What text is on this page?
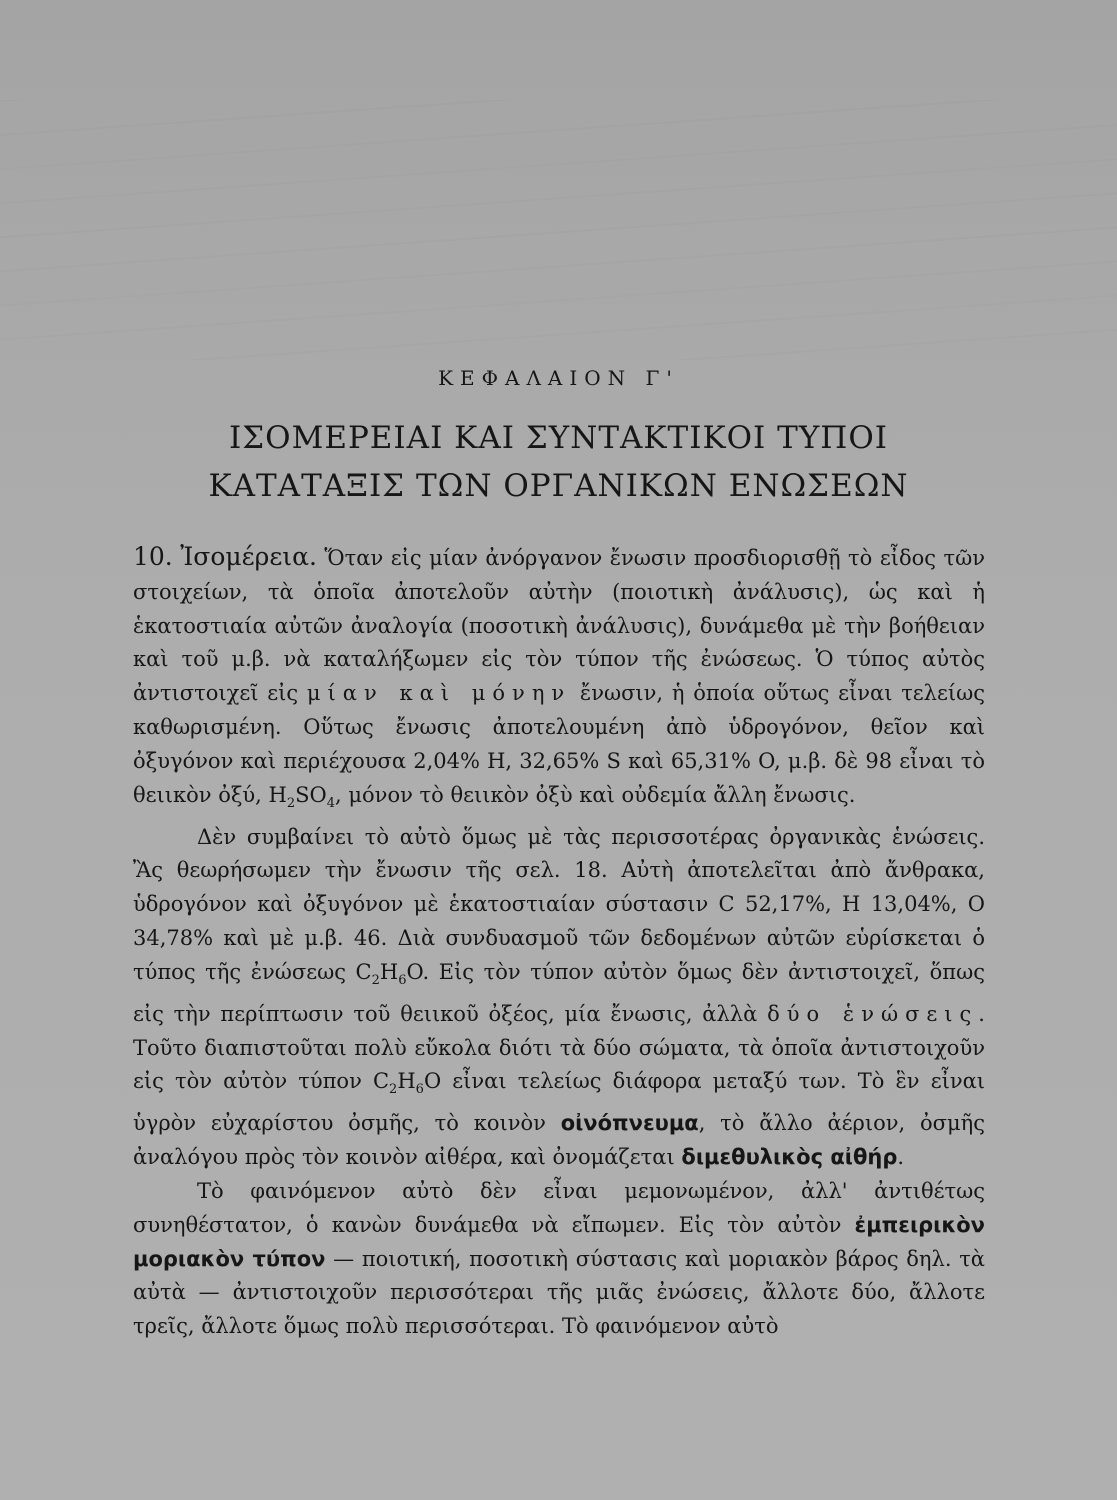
ΚΕΦΑΛΑΙΟΝ Γ'
ΙΣΟΜΕΡΕΙΑΙ ΚΑΙ ΣΥΝΤΑΚΤΙΚΟΙ ΤΥΠΟΙ
ΚΑΤΑΤΑΞΙΣ ΤΩΝ ΟΡΓΑΝΙΚΩΝ ΕΝΩΣΕΩΝ

10. Ἰσομέρεια. Ὅταν εἰς μίαν ἀνόργανον ἔνωσιν προσδιορισθῇ τὸ εἶδος τῶν στοιχείων, τὰ ὁποῖα ἀποτελοῦν αὐτὴν (ποιοτικὴ ἀνάλυσις), ὡς καὶ ἡ ἑκατοστιαία αὐτῶν ἀναλογία (ποσοτικὴ ἀνάλυσις), δυνάμεθα μὲ τὴν βοήθειαν καὶ τοῦ μ.β. νὰ καταλήξωμεν εἰς τὸν τύπον τῆς ἐνώσεως. Ὁ τύπος αὐτὸς ἀντιστοιχεῖ εἰς μίαν καὶ μόνην ἔνωσιν, ἡ ὁποία οὕτως εἶναι τελείως καθωρισμένη. Οὕτως ἔνωσις ἀποτελουμένη ἀπὸ ὑδρογόνον, θεῖον καὶ ὀξυγόνον καὶ περιέχουσα 2,04% H, 32,65% S καὶ 65,31% O, μ.β. δὲ 98 εἶναι τὸ θειικὸν ὀξύ, $H_2SO_4$, μόνον τὸ θειικὸν ὀξὺ καὶ οὐδεμία ἄλλη ἔνωσις.

Δὲν συμβαίνει τὸ αὐτὸ ὅμως μὲ τὰς περισσοτέρας ὀργανικὰς ἑνώσεις. Ἂς θεωρήσωμεν τὴν ἔνωσιν τῆς σελ. 18. Αὐτὴ ἀποτελεῖται ἀπὸ ἄνθρακα, ὑδρογόνον καὶ ὀξυγόνον μὲ ἑκατοστιαίαν σύστασιν C 52,17%, H 13,04%, O 34,78% καὶ μὲ μ.β. 46. Διὰ συνδυασμοῦ τῶν δεδομένων αὐτῶν εὑρίσκεται ὁ τύπος τῆς ἐνώσεως $C_2H_6O$. Εἰς τὸν τύπον αὐτὸν ὅμως δὲν ἀντιστοιχεῖ, ὅπως εἰς τὴν περίπτωσιν τοῦ θειικοῦ ὀξέος, μία ἔνωσις, ἀλλὰ δύο ἑνώσεις. Τοῦτο διαπιστοῦται πολὺ εὔκολα διότι τὰ δύο σώματα, τὰ ὁποῖα ἀντιστοιχοῦν εἰς τὸν αὐτὸν τύπον $C_2H_6O$ εἶναι τελείως διάφορα μεταξύ των. Τὸ ἓν εἶναι ὑγρὸν εὐχαρίστου ὀσμῆς, τὸ κοινὸν οἰνόπνευμα, τὸ ἄλλο ἀέριον, ὀσμῆς ἀναλόγου πρὸς τὸν κοινὸν αἰθέρα, καὶ ὀνομάζεται διμεθυλικὸς αἰθήρ.

Τὸ φαινόμενον αὐτὸ δὲν εἶναι μεμονωμένον, ἀλλ' ἀντιθέτως συνηθέστατον, ὁ κανὼν δυνάμεθα νὰ εἴπωμεν. Εἰς τὸν αὐτὸν ἐμπειρικὸν μοριακὸν τύπον — ποιοτική, ποσοτικὴ σύστασις καὶ μοριακὸν βάρος δηλ. τὰ αὐτὰ — ἀντιστοιχοῦν περισσότεραι τῆς μιᾶς ἐνώσεις, ἄλλοτε δύο, ἄλλοτε τρεῖς, ἄλλοτε ὅμως πολὺ περισσότεραι. Τὸ φαινόμενον αὐτὸ
